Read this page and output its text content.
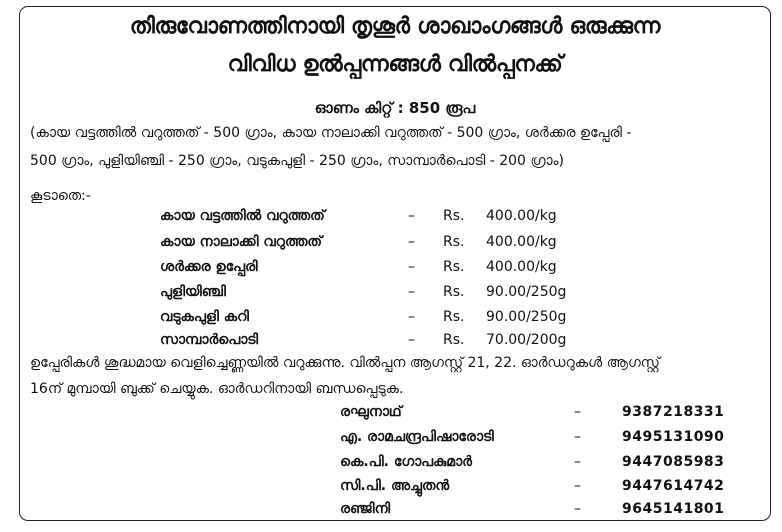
തിരുവോണത്തിനായി തൃശൂർ ശാഖാംഗങ്ങൾ ഒരുക്കുന്ന
വിവിധ ഉൽപ്പന്നങ്ങൾ വിൽപ്പനക്ക്
ഓണം കിറ്റ് : 850 രൂപ
(കായ വട്ടത്തിൽ വറുത്തത് - 500 ഗ്രാം, കായ നാലാക്കി വറുത്തത് - 500 ഗ്രാം, ശർക്കര ഉപ്പേരി -
500 ഗ്രാം, പുളിയിഞ്ചി - 250 ഗ്രാം, വടുകപുളി - 250 ഗ്രാം, സാമ്പാർപൊടി - 200 ഗ്രാം)
കൂടാതെ:-
കായ വട്ടത്തിൽ വറുത്തത്	– Rs. 400.00/kg
കായ നാലാക്കി വറുത്തത്	– Rs. 400.00/kg
ശർക്കര ഉപ്പേരി	– Rs. 400.00/kg
പുളിയിഞ്ചി	– Rs. 90.00/250g
വടുകപുളി കറി	– Rs. 90.00/250g
സാമ്പാർപൊടി	– Rs. 70.00/200g
ഉപ്പേരികൾ ശുദ്ധമായ വെളിച്ചെണ്ണയിൽ വറുക്കുന്നു. വിൽപ്പന ആഗസ്റ്റ് 21, 22. ഓർഡറുകൾ ആഗസ്റ്റ്
16ന് മുമ്പായി ബുക്ക് ചെയ്യുക. ഓർഡറിനായി ബന്ധപ്പെടുക.
രഘുനാഥ്	–	9387218331
എ. രാമചന്ദ്രപിഷാരോടി	–	9495131090
കെ.പി. ഗോപകുമാർ	–	9447085983
സി.പി. അച്ചുതൻ	–	9447614742
രഞ്ജിനി	–	9645141801
